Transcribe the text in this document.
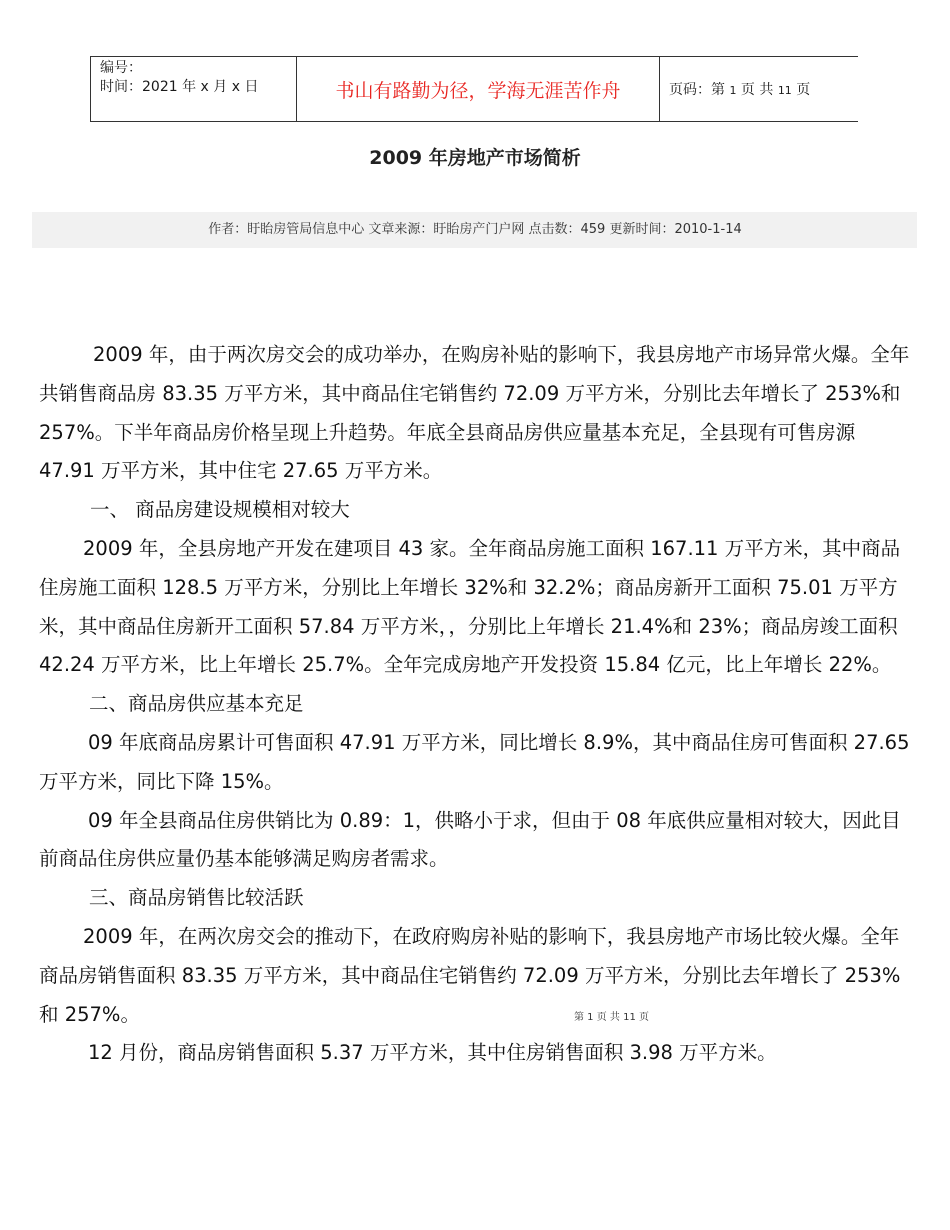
编号：
时间：2021 年 x 月 x 日	书山有路勤为径，学海无涯苦作舟	页码：第 1 页 共 11 页
2009 年房地产市场简析
作者：盱眙房管局信息中心 文章来源：盱眙房产门户网 点击数：459 更新时间：2010-1-14

2009 年，由于两次房交会的成功举办，在购房补贴的影响下，我县房地产市场异常火爆。全年共销售商品房 83.35 万平方米，其中商品住宅销售约 72.09 万平方米，分别比去年增长了 253%和 257%。下半年商品房价格呈现上升趋势。年底全县商品房供应量基本充足，全县现有可售房源 47.91 万平方米，其中住宅 27.65 万平方米。

一、 商品房建设规模相对较大

2009 年，全县房地产开发在建项目 43 家。全年商品房施工面积 167.11 万平方米，其中商品住房施工面积 128.5 万平方米，分别比上年增长 32%和 32.2%；商品房新开工面积 75.01 万平方米，其中商品住房新开工面积 57.84 万平方米，，分别比上年增长 21.4%和 23%；商品房竣工面积 42.24 万平方米，比上年增长 25.7%。全年完成房地产开发投资 15.84 亿元，比上年增长 22%。

二、商品房供应基本充足

09 年底商品房累计可售面积 47.91 万平方米，同比增长 8.9%，其中商品住房可售面积 27.65 万平方米，同比下降 15%。

09 年全县商品住房供销比为 0.89：1，供略小于求，但由于 08 年底供应量相对较大，因此目前商品住房供应量仍基本能够满足购房者需求。

三、商品房销售比较活跃

2009 年，在两次房交会的推动下，在政府购房补贴的影响下，我县房地产市场比较火爆。全年商品房销售面积 83.35 万平方米，其中商品住宅销售约 72.09 万平方米，分别比去年增长了 253%和 257%。

12 月份，商品房销售面积 5.37 万平方米，其中住房销售面积 3.98 万平方米。

第 1 页 共 11 页
